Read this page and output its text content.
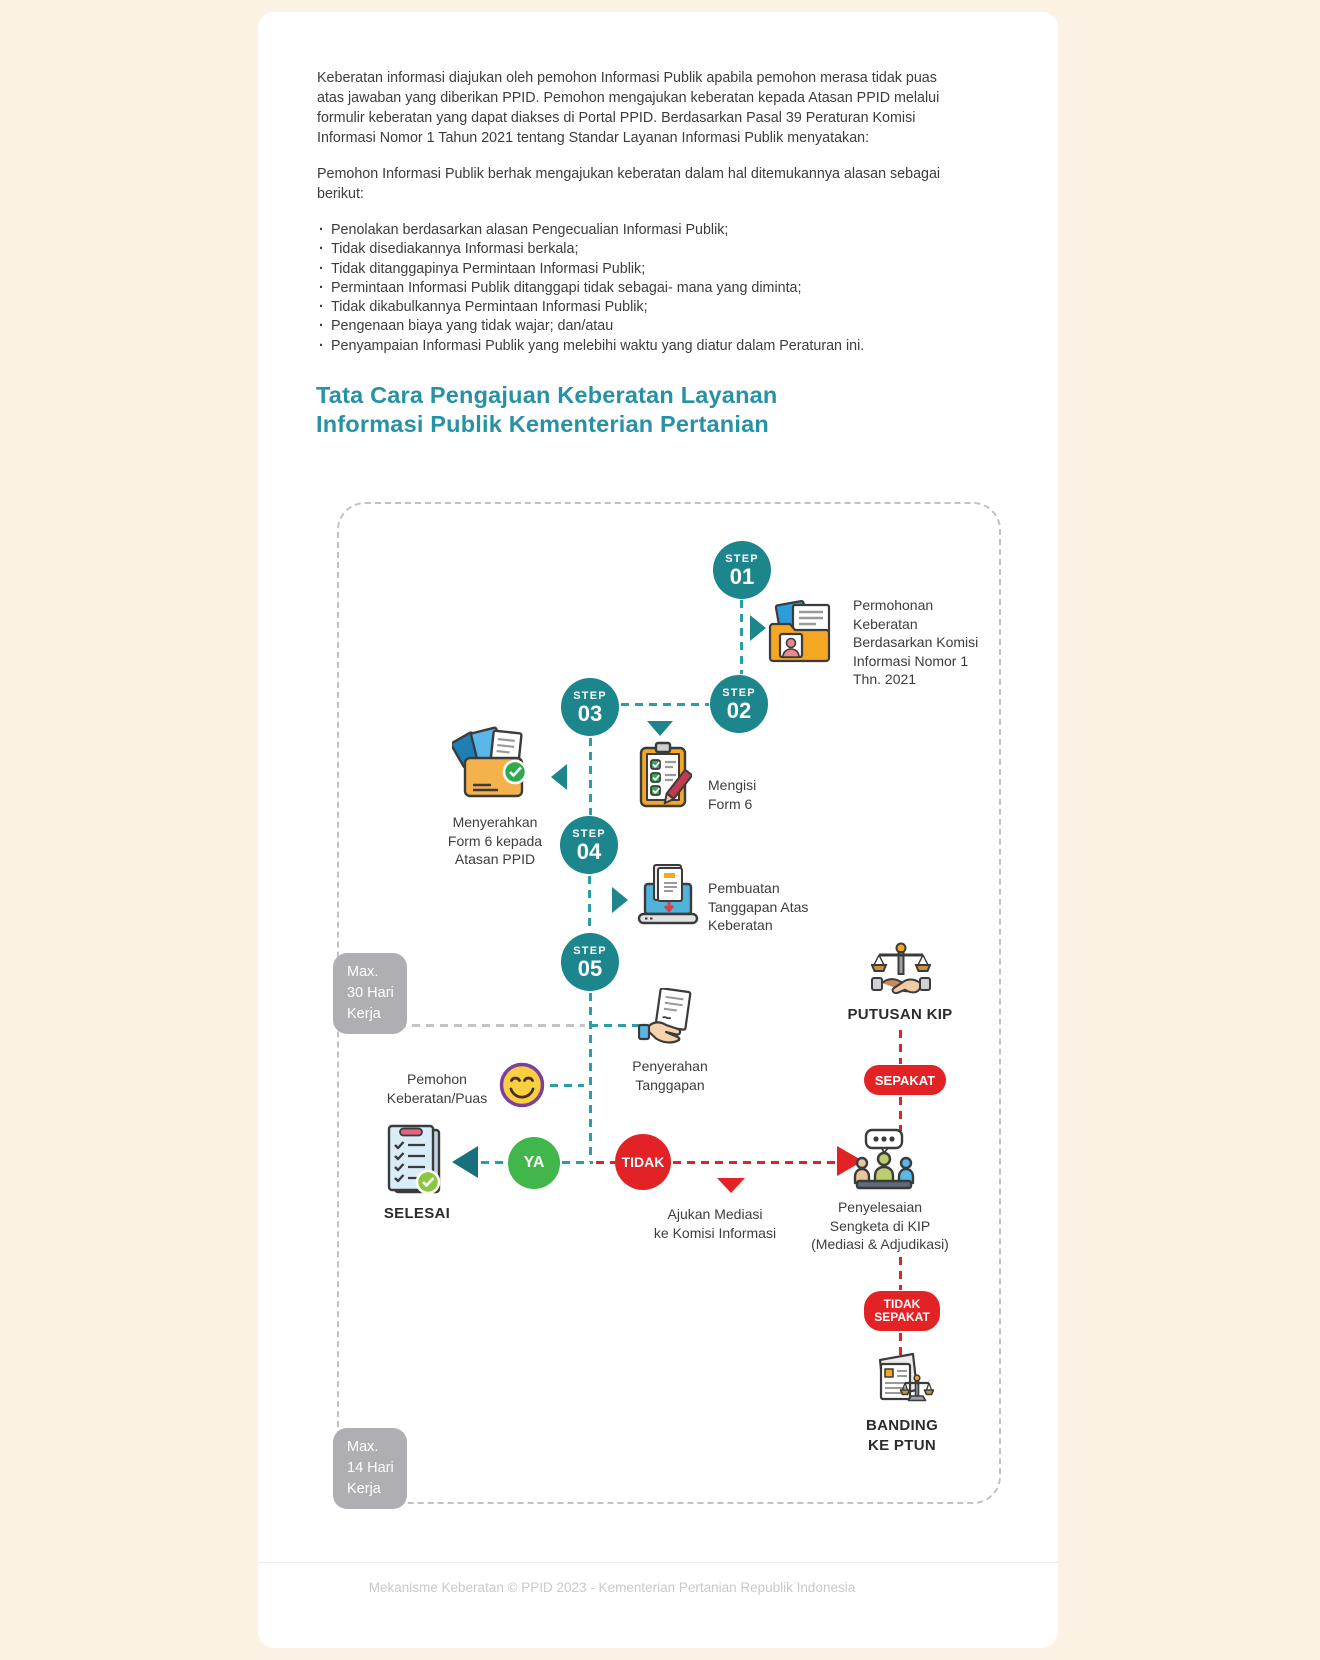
Keberatan informasi diajukan oleh pemohon Informasi Publik apabila pemohon merasa tidak puas atas jawaban yang diberikan PPID. Pemohon mengajukan keberatan kepada Atasan PPID melalui formulir keberatan yang dapat diakses di Portal PPID. Berdasarkan Pasal 39 Peraturan Komisi Informasi Nomor 1 Tahun 2021 tentang Standar Layanan Informasi Publik menyatakan:

Pemohon Informasi Publik berhak mengajukan keberatan dalam hal ditemukannya alasan sebagai berikut:

· Penolakan berdasarkan alasan Pengecualian Informasi Publik;
· Tidak disediakannya Informasi berkala;
· Tidak ditanggapinya Permintaan Informasi Publik;
· Permintaan Informasi Publik ditanggapi tidak sebagai- mana yang diminta;
· Tidak dikabulkannya Permintaan Informasi Publik;
· Pengenaan biaya yang tidak wajar; dan/atau
· Penyampaian Informasi Publik yang melebihi waktu yang diatur dalam Peraturan ini.
Tata Cara Pengajuan Keberatan Layanan
Informasi Publik Kementerian Pertanian
STEP
01
STEP
02
STEP
03
STEP
04
STEP
05
Permohonan
Keberatan
Berdasarkan Komisi
Informasi Nomor 1
Thn. 2021
Mengisi
Form 6
Menyerahkan
Form 6 kepada
Atasan PPID
Pembuatan
Tanggapan Atas
Keberatan
Penyerahan
Tanggapan
Pemohon
Keberatan/Puas
SELESAI	Ajukan Mediasi
ke Komisi Informasi
PUTUSAN KIP
Penyelesaian
Sengketa di KIP
(Mediasi & Adjudikasi)
BANDING
KE PTUN
Max.
30 Hari
Kerja
Max.
14 Hari
Kerja
YA	TIDAK
SEPAKAT
TIDAK
SEPAKAT
Mekanisme Keberatan © PPID 2023 - Kementerian Pertanian Republik Indonesia
